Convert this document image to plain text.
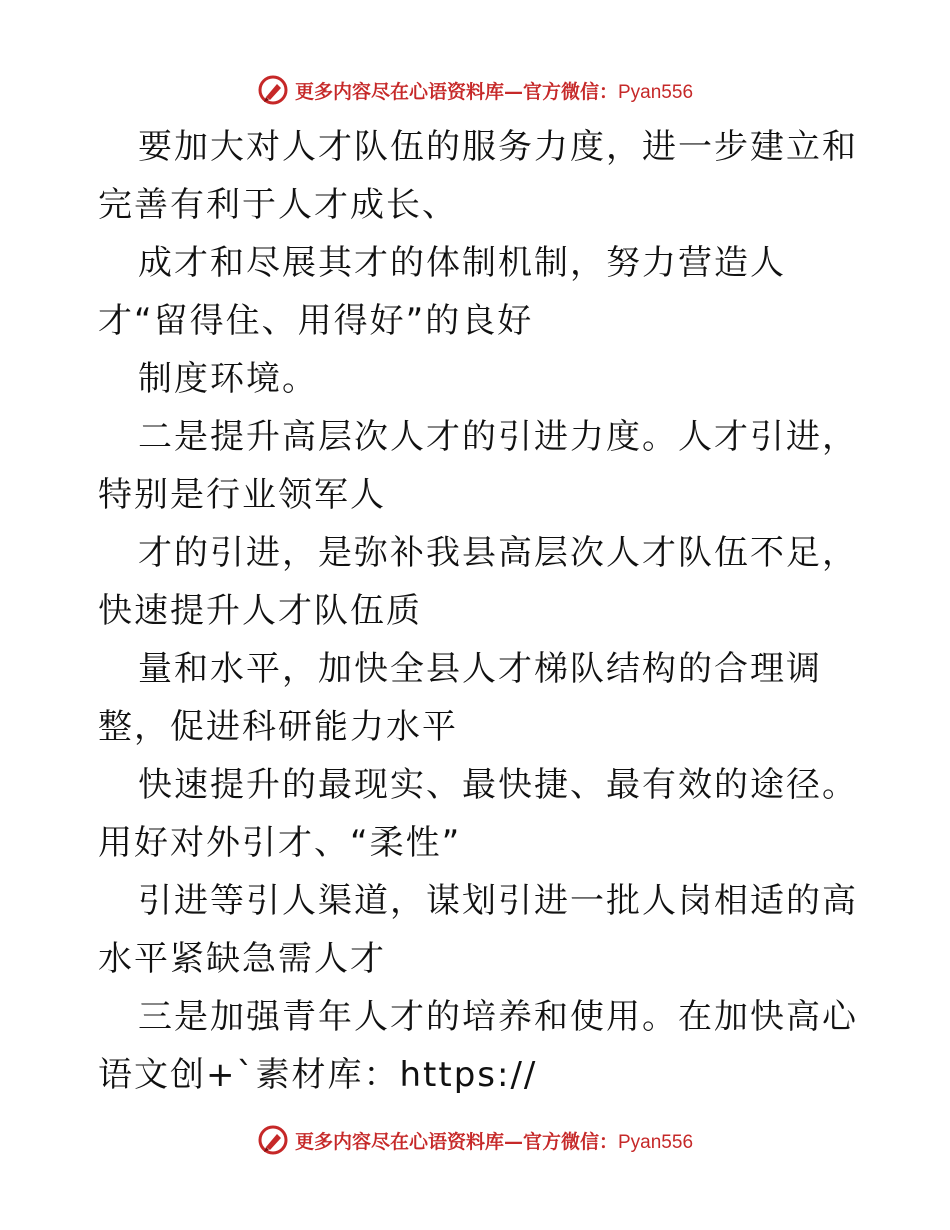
更多内容尽在心语资料库—官方微信：Pyan556

要加大对人才队伍的服务力度，进一步建立和完善有利于人才成长、

成才和尽展其才的体制机制，努力营造人才“留得住、用得好”的良好

制度环境。

二是提升高层次人才的引进力度。人才引进，特别是行业领军人

才的引进，是弥补我县高层次人才队伍不足，快速提升人才队伍质

量和水平，加快全县人才梯队结构的合理调整，促进科研能力水平

快速提升的最现实、最快捷、最有效的途径。用好对外引才、“柔性”

引进等引人渠道，谋划引进一批人岗相适的高水平紧缺急需人才

三是加强青年人才的培养和使用。在加快高心语文创+`素材库：https://

更多内容尽在心语资料库—官方微信：Pyan556
